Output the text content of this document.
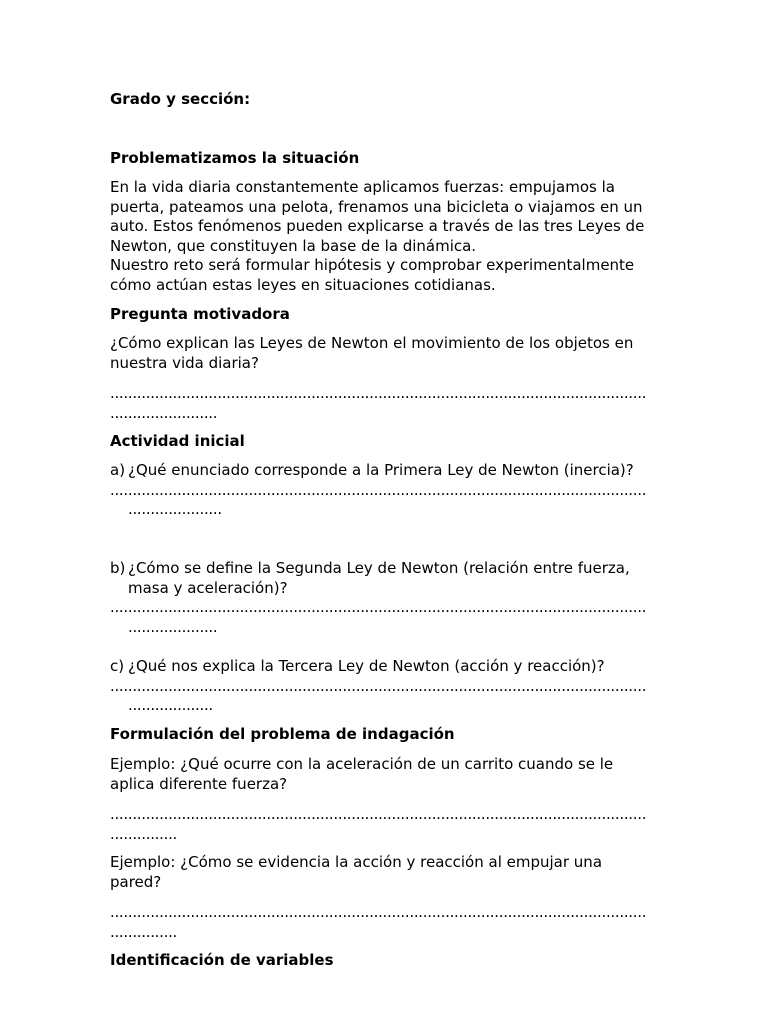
Grado y sección:

Problematizamos la situación

En la vida diaria constantemente aplicamos fuerzas: empujamos la puerta, pateamos una pelota, frenamos una bicicleta o viajamos en un auto. Estos fenómenos pueden explicarse a través de las tres Leyes de Newton, que constituyen la base de la dinámica.
Nuestro reto será formular hipótesis y comprobar experimentalmente cómo actúan estas leyes en situaciones cotidianas.

Pregunta motivadora

¿Cómo explican las Leyes de Newton el movimiento de los objetos en nuestra vida diaria?

........................................................................................................................
........................

Actividad inicial

a) ¿Qué enunciado corresponde a la Primera Ley de Newton (inercia)?
........................................................................................................................
.....................
b) ¿Cómo se define la Segunda Ley de Newton (relación entre fuerza, masa y aceleración)?
........................................................................................................................
....................
c) ¿Qué nos explica la Tercera Ley de Newton (acción y reacción)?
........................................................................................................................
...................

Formulación del problema de indagación

Ejemplo: ¿Qué ocurre con la aceleración de un carrito cuando se le aplica diferente fuerza?

........................................................................................................................
...............

Ejemplo: ¿Cómo se evidencia la acción y reacción al empujar una pared?

........................................................................................................................
...............

Identificación de variables
